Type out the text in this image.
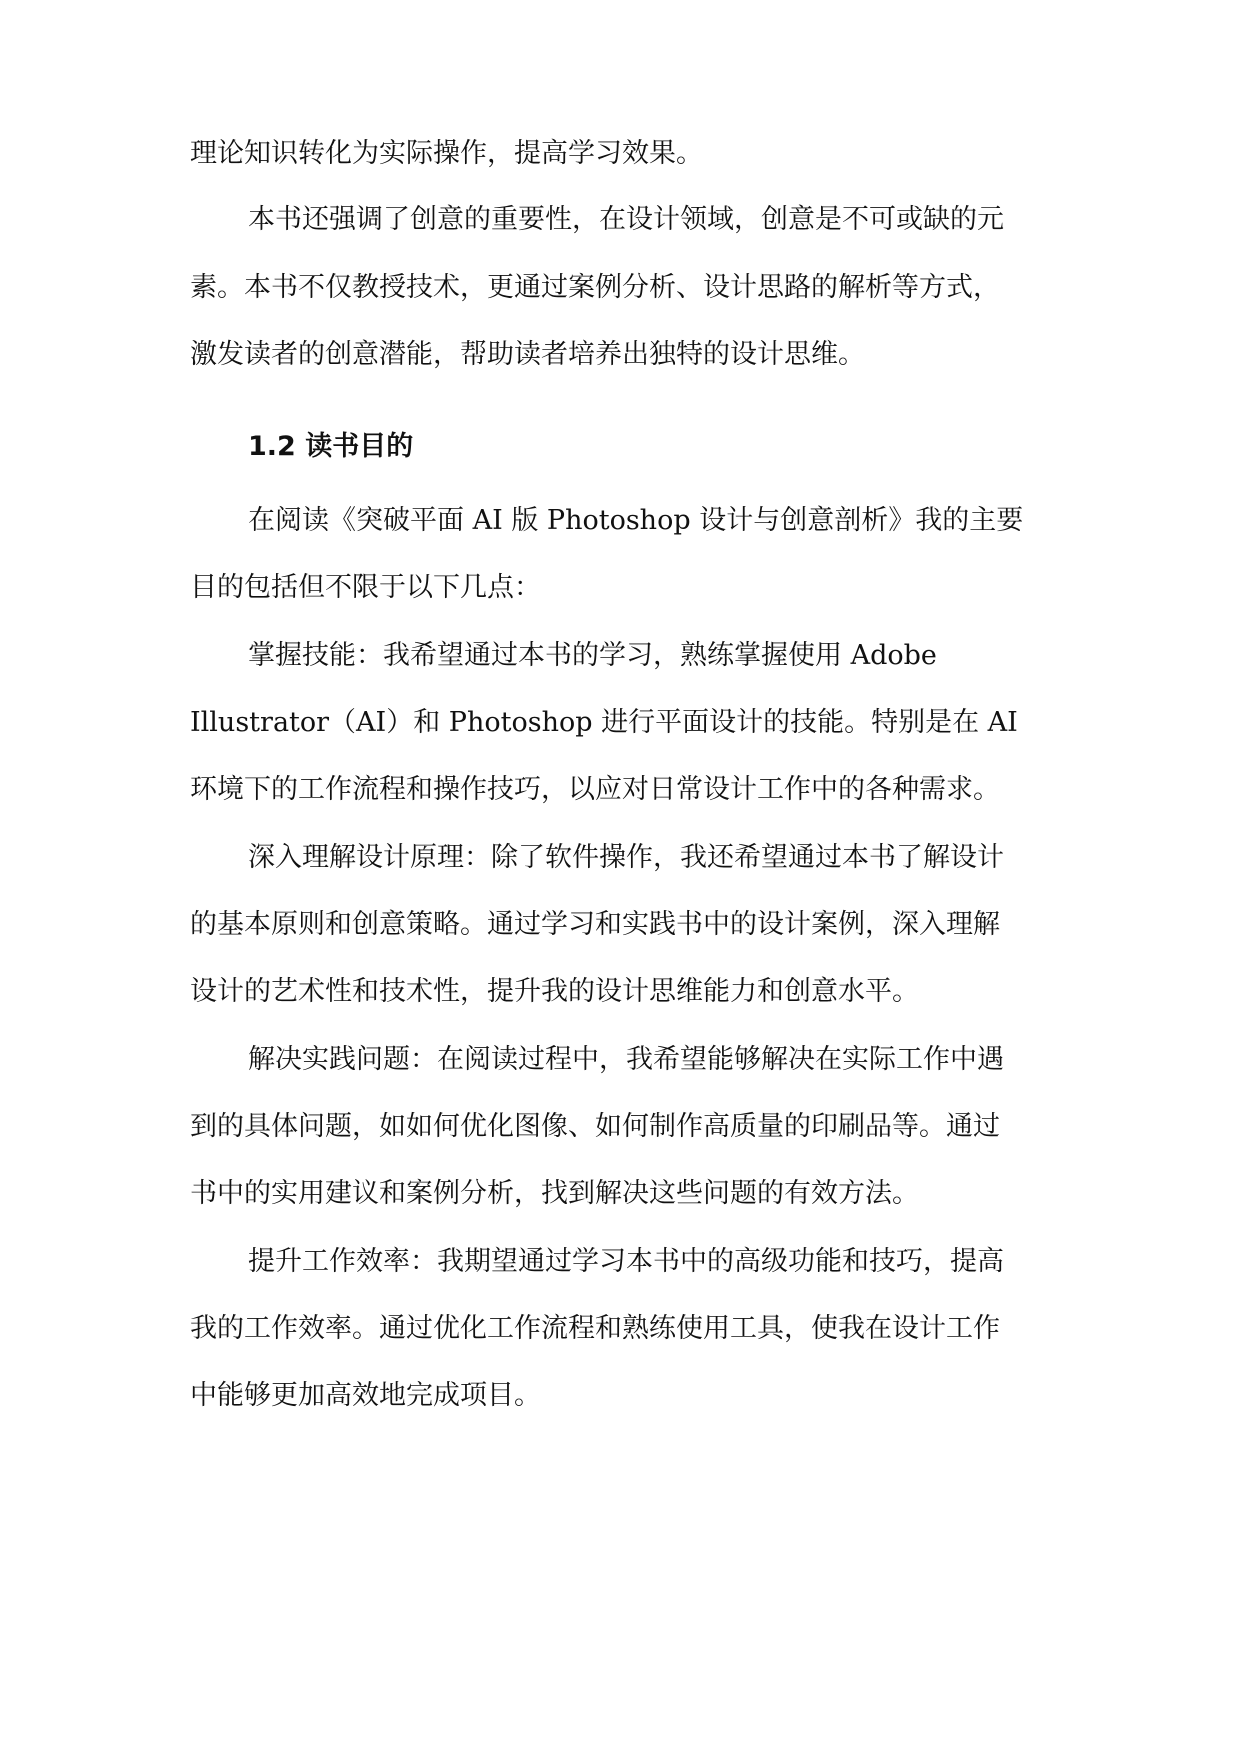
理论知识转化为实际操作，提高学习效果。
本书还强调了创意的重要性，在设计领域，创意是不可或缺的元
素。本书不仅教授技术，更通过案例分析、设计思路的解析等方式，
激发读者的创意潜能，帮助读者培养出独特的设计思维。
1.2 读书目的
在阅读《突破平面 AI 版 Photoshop 设计与创意剖析》我的主要
目的包括但不限于以下几点：
掌握技能：我希望通过本书的学习，熟练掌握使用 Adobe
Illustrator（AI）和 Photoshop 进行平面设计的技能。特别是在 AI
环境下的工作流程和操作技巧，以应对日常设计工作中的各种需求。
深入理解设计原理：除了软件操作，我还希望通过本书了解设计
的基本原则和创意策略。通过学习和实践书中的设计案例，深入理解
设计的艺术性和技术性，提升我的设计思维能力和创意水平。
解决实践问题：在阅读过程中，我希望能够解决在实际工作中遇
到的具体问题，如如何优化图像、如何制作高质量的印刷品等。通过
书中的实用建议和案例分析，找到解决这些问题的有效方法。
提升工作效率：我期望通过学习本书中的高级功能和技巧，提高
我的工作效率。通过优化工作流程和熟练使用工具，使我在设计工作
中能够更加高效地完成项目。
